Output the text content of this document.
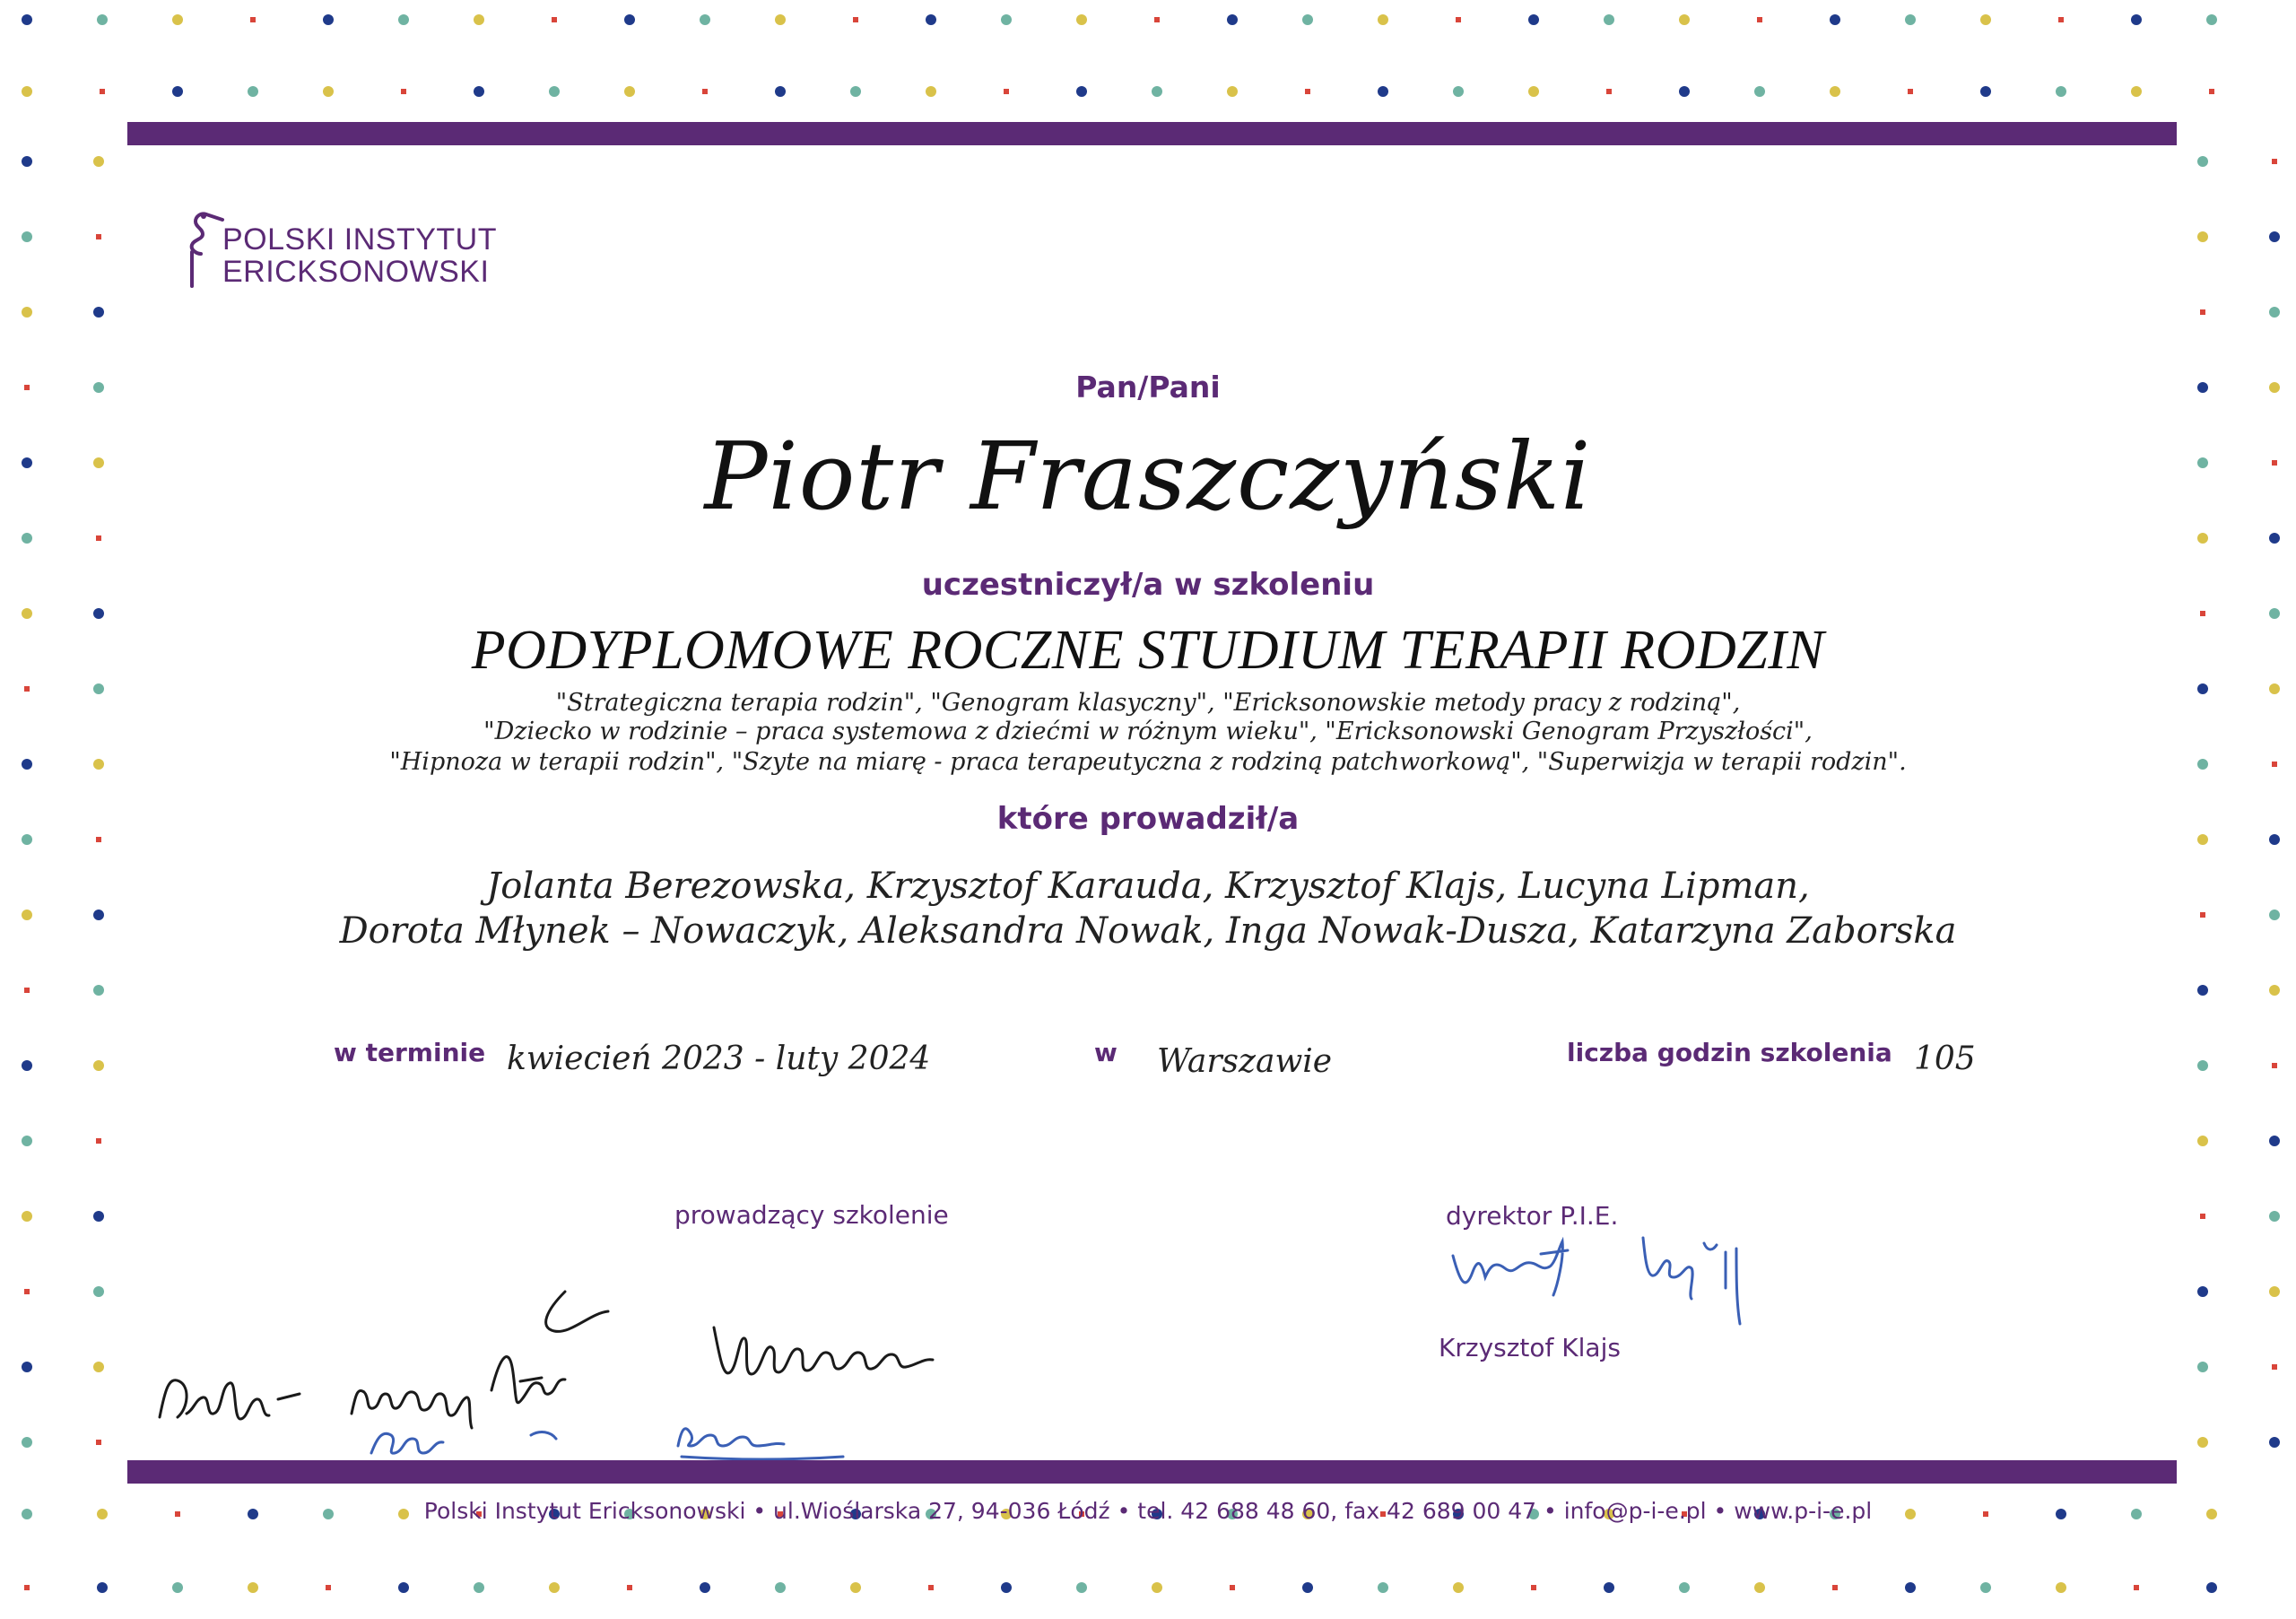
POLSKI INSTYTUT
ERICKSONOWSKI
Pan/Pani
Piotr Fraszczyński
uczestniczył/a w szkoleniu
PODYPLOMOWE ROCZNE STUDIUM TERAPII RODZIN
"Strategiczna terapia rodzin", "Genogram klasyczny", "Ericksonowskie metody pracy z rodziną",
"Dziecko w rodzinie – praca systemowa z dziećmi w różnym wieku", "Ericksonowski Genogram Przyszłości",
"Hipnoza w terapii rodzin", "Szyte na miarę - praca terapeutyczna z rodziną patchworkową", "Superwizja w terapii rodzin".
które prowadził/a
Jolanta Berezowska, Krzysztof Karauda, Krzysztof Klajs, Lucyna Lipman,
Dorota Młynek – Nowaczyk, Aleksandra Nowak, Inga Nowak-Dusza, Katarzyna Zaborska
w terminie kwiecień 2023 - luty 2024	w Warszawie	liczba godzin szkolenia 105
prowadzący szkolenie	dyrektor P.I.E.
Krzysztof Klajs
Polski Instytut Ericksonowski • ul.Wioślarska 27, 94-036 Łódź • tel. 42 688 48 60, fax 42 689 00 47 • info@p-i-e.pl • www.p-i-e.pl
